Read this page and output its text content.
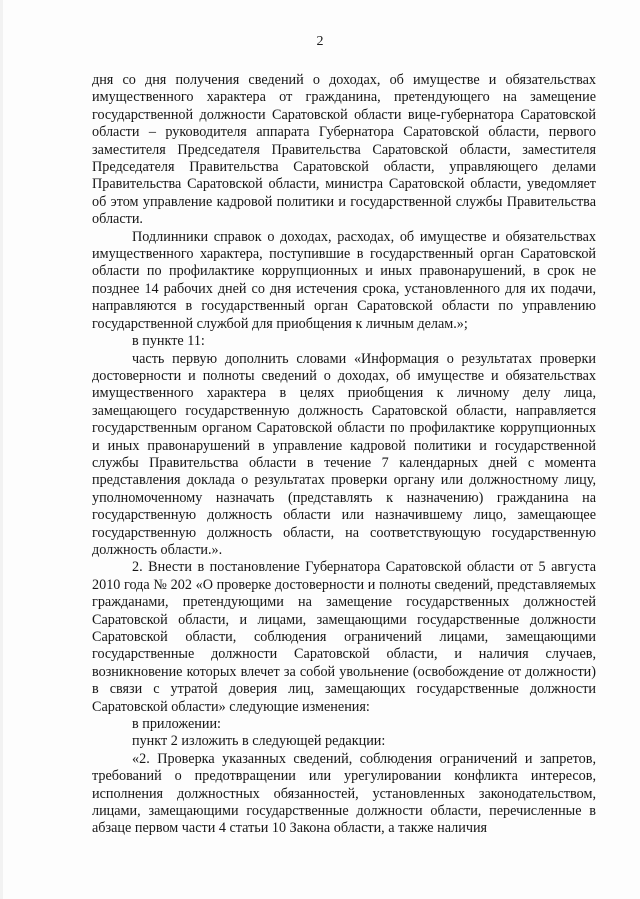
2

дня со дня получения сведений о доходах, об имуществе и обязательствах имущественного характера от гражданина, претендующего на замещение государственной должности Саратовской области вице-губернатора Саратовской области – руководителя аппарата Губернатора Саратовской области, первого заместителя Председателя Правительства Саратовской области, заместителя Председателя Правительства Саратовской области, управляющего делами Правительства Саратовской области, министра Саратовской области, уведомляет об этом управление кадровой политики и государственной службы Правительства области.

Подлинники справок о доходах, расходах, об имуществе и обязательствах имущественного характера, поступившие в государственный орган Саратовской области по профилактике коррупционных и иных правонарушений, в срок не позднее 14 рабочих дней со дня истечения срока, установленного для их подачи, направляются в государственный орган Саратовской области по управлению государственной службой для приобщения к личным делам.»;

в пункте 11:

часть первую дополнить словами «Информация о результатах проверки достоверности и полноты сведений о доходах, об имуществе и обязательствах имущественного характера в целях приобщения к личному делу лица, замещающего государственную должность Саратовской области, направляется государственным органом Саратовской области по профилактике коррупционных и иных правонарушений в управление кадровой политики и государственной службы Правительства области в течение 7 календарных дней с момента представления доклада о результатах проверки органу или должностному лицу, уполномоченному назначать (представлять к назначению) гражданина на государственную должность области или назначившему лицо, замещающее государственную должность области, на соответствующую государственную должность области.».

2. Внести в постановление Губернатора Саратовской области от 5 августа 2010 года № 202 «О проверке достоверности и полноты сведений, представляемых гражданами, претендующими на замещение государственных должностей Саратовской области, и лицами, замещающими государственные должности Саратовской области, соблюдения ограничений лицами, замещающими государственные должности Саратовской области, и наличия случаев, возникновение которых влечет за собой увольнение (освобождение от должности) в связи с утратой доверия лиц, замещающих государственные должности Саратовской области» следующие изменения:

в приложении:

пункт 2 изложить в следующей редакции:

«2. Проверка указанных сведений, соблюдения ограничений и запретов, требований о предотвращении или урегулировании конфликта интересов, исполнения должностных обязанностей, установленных законодательством, лицами, замещающими государственные должности области, перечисленные в абзаце первом части 4 статьи 10 Закона области, а также наличия
